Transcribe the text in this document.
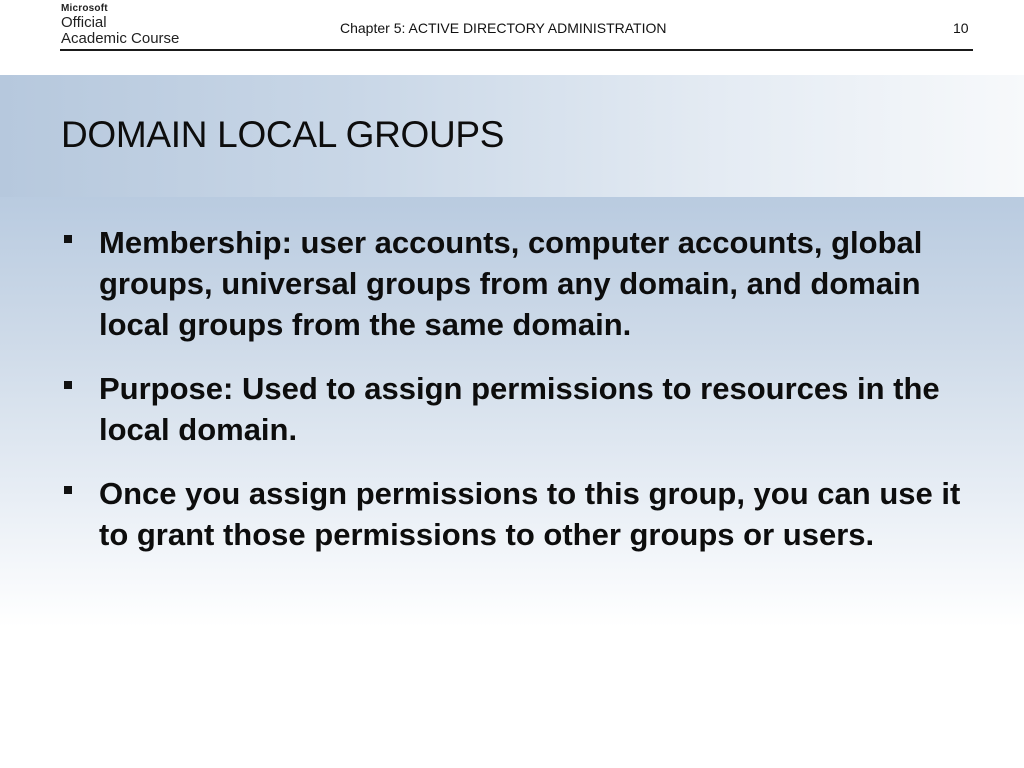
Microsoft
Official
Academic Course
Chapter 5: ACTIVE DIRECTORY ADMINISTRATION	10
DOMAIN LOCAL GROUPS
Membership: user accounts, computer accounts, global groups, universal groups from any domain, and domain local groups from the same domain.
Purpose: Used to assign permissions to resources in the local domain.
Once you assign permissions to this group, you can use it to grant those permissions to other groups or users.
